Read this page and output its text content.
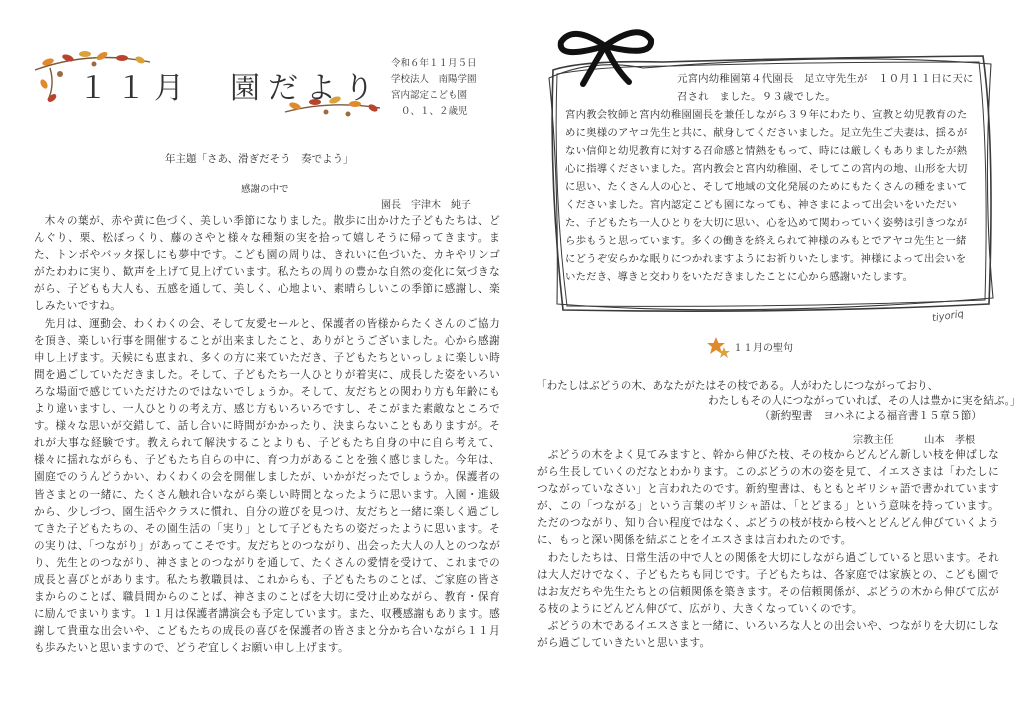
１１月　園だより
令和６年１１月５日
学校法人　南陽学園
宮内認定こども園
０、１、２歳児
年主題「さあ、滑ぎだそう　奏でよう」
感謝の中で
園長　宇津木　純子

木々の葉が、赤や黄に色づく、美しい季節になりました。散歩に出かけた子どもたちは、どんぐり、栗、松ぼっくり、藤のさやと様々な種類の実を拾って嬉しそうに帰ってきます。また、トンボやバッタ探しにも夢中です。こども園の周りは、きれいに色づいた、カキやリンゴがたわわに実り、歓声を上げて見上げています。私たちの周りの豊かな自然の変化に気づきながら、子どもも大人も、五感を通して、美しく、心地よい、素晴らしいこの季節に感謝し、楽しみたいですね。

先月は、運動会、わくわくの会、そして友愛セールと、保護者の皆様からたくさんのご協力を頂き、楽しい行事を開催することが出来ましたこと、ありがとうございました。心から感謝申し上げます。天候にも恵まれ、多くの方に来ていただき、子どもたちといっしょに楽しい時間を過ごしていただきました。そして、子どもたち一人ひとりが着実に、成長した姿をいろいろな場面で感じていただけたのではないでしょうか。そして、友だちとの関わり方も年齢にもより違いますし、一人ひとりの考え方、感じ方もいろいろですし、そこがまた素敵なところです。様々な思いが交錯して、話し合いに時間がかかったり、決まらないこともありますが。それが大事な経験です。教えられて解決することよりも、子どもたち自身の中に自ら考えて、様々に揺れながらも、子どもたち自らの中に、育つ力があることを強く感じました。今年は、園庭でのうんどうかい、わくわくの会を開催しましたが、いかがだったでしょうか。保護者の皆さまとの一緒に、たくさん触れ合いながら楽しい時間となったように思います。入園・進級から、少しづつ、園生活やクラスに慣れ、自分の遊びを見つけ、友だちと一緒に楽しく過ごしてきた子どもたちの、その園生活の「実り」として子どもたちの姿だったように思います。その実りは、「つながり」があってこそです。友だちとのつながり、出会った大人の人とのつながり、先生とのつながり、神さまとのつながりを通して、たくさんの愛情を受けて、これまでの成長と喜びとがあります。私たち教職員は、これからも、子どもたちのことば、ご家庭の皆さまからのことば、職員間からのことば、神さまのことばを大切に受け止めながら、教育・保育に励んでまいります。１１月は保護者講演会も予定しています。また、収穫感謝もあります。感謝して貴重な出会いや、こどもたちの成長の喜びを保護者の皆さまと分かち合いながら１１月も歩みたいと思いますので、どうぞ宜しくお願い申し上げます。

元宮内幼稚園第４代園長　足立守先生が　１０月１１日に天に召され　ました。９３歳でした。

宮内教会牧師と宮内幼稚園園長を兼任しながら３９年にわたり、宣教と幼児教育のために奥様のアヤコ先生と共に、献身してくださいました。足立先生ご夫妻は、揺るがない信仰と幼児教育に対する召命感と情熱をもって、時には厳しくもありましたが熱心に指導くださいました。宮内教会と宮内幼稚園、そしてこの宮内の地、山形を大切に思い、たくさん人の心と、そして地域の文化発展のためにもたくさんの種をまいてくださいました。宮内認定こども園になっても、神さまによって出会いをいただいた、子どもたち一人ひとりを大切に思い、心を込めて関わっていく姿勢は引きつながら歩もうと思っています。多くの働きを終えられて神様のみもとでアヤコ先生と一緒にどうぞ安らかな眠りにつかれますようにお祈りいたします。神様によって出会いをいただき、導きと交わりをいただきましたことに心から感謝いたします。

tiyoriq
１１月の聖句
「わたしはぶどうの木、あなたがたはその枝である。人がわたしにつながっており、
わたしもその人につながっていれば、その人は豊かに実を結ぶ。」
（新約聖書　ヨハネによる福音書１５章５節）
宗教主任　　　山本　孝根

ぶどうの木をよく見てみますと、幹から伸びた枝、その枝からどんどん新しい枝を伸ばしながら生長していくのだなとわかります。このぶどうの木の姿を見て、イエスさまは「わたしにつながっていなさい」と言われたのです。新約聖書は、もともとギリシャ語で書かれていますが、この「つながる」という言葉のギリシャ語は、「とどまる」という意味を持っています。ただのつながり、知り合い程度ではなく、ぶどうの枝が枝から枝へとどんどん伸びていくように、もっと深い関係を結ぶことをイエスさまは言われたのです。

わたしたちは、日常生活の中で人との関係を大切にしながら過ごしていると思います。それは大人だけでなく、子どもたちも同じです。子どもたちは、各家庭では家族との、こども園ではお友だちや先生たちとの信頼関係を築きます。その信頼関係が、ぶどうの木から伸びて広がる枝のようにどんどん伸びて、広がり、大きくなっていくのです。

ぶどうの木であるイエスさまと一緒に、いろいろな人との出会いや、つながりを大切にしながら過ごしていきたいと思います。
